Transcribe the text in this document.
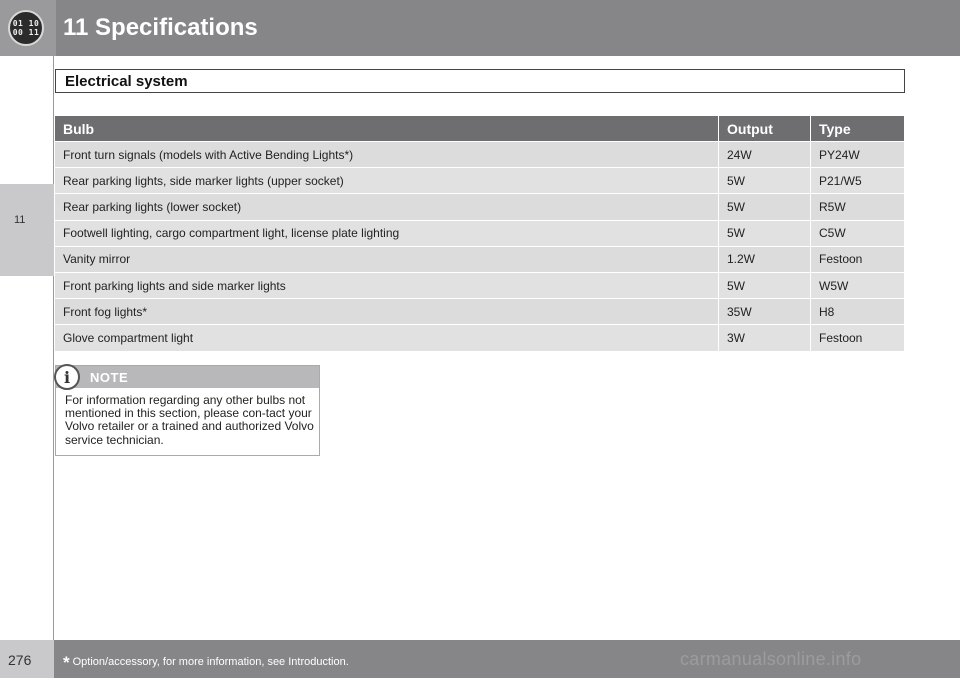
01 10
00 11 11 Specifications
11
Electrical system
Bulb	Output	Type
Front turn signals (models with Active Bending Lights*)	24W	PY24W
Rear parking lights, side marker lights (upper socket)	5W	P21/W5
Rear parking lights (lower socket)	5W	R5W
Footwell lighting, cargo compartment light, license plate lighting	5W	C5W
Vanity mirror	1.2W	Festoon
Front parking lights and side marker lights	5W	W5W
Front fog lights*	35W	H8
Glove compartment light	3W	Festoon
NOTE
i
For information regarding any other bulbs not mentioned in this section, please con-tact your Volvo retailer or a trained and authorized Volvo service technician.
276 * Option/accessory, for more information, see Introduction.	carmanualsonline.info
